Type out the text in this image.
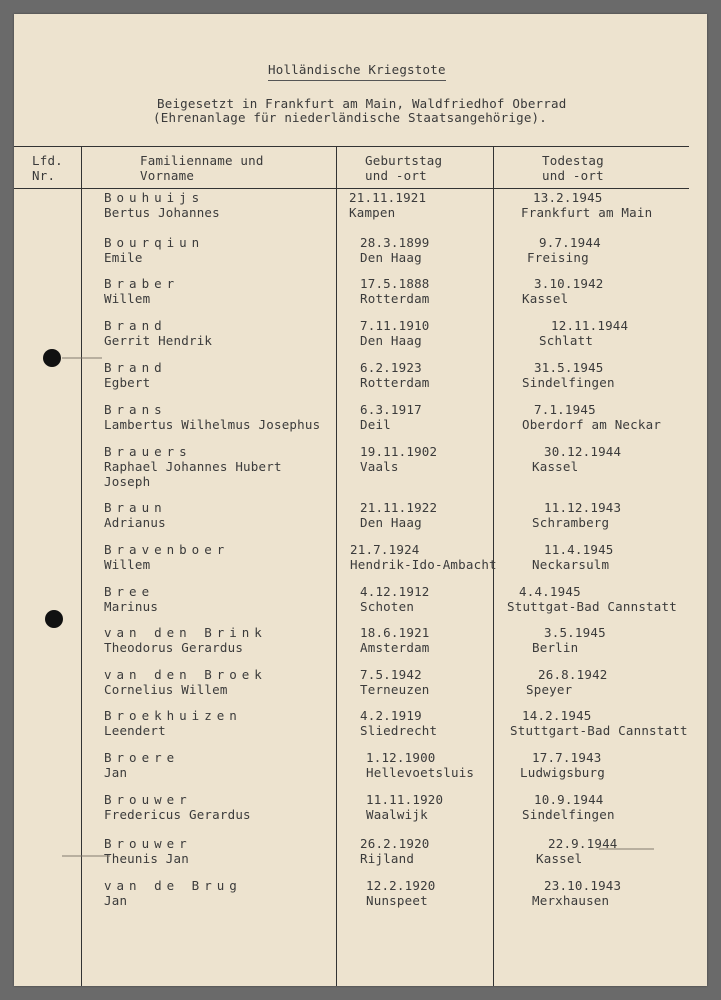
Holländische Kriegstote
Beigesetzt in Frankfurt am Main, Waldfriedhof Oberrad
(Ehrenanlage für niederländische Staatsangehörige).
Lfd.
Nr.
Familienname und
Vorname
Geburtstag
und -ort
Todestag
und -ort
Bouhuijs
Bertus Johannes
21.11.1921
Kampen
13.2.1945
Frankfurt am Main
Bourqiun
Emile
28.3.1899
Den Haag
9.7.1944
Freising
Braber
Willem
17.5.1888
Rotterdam
3.10.1942
Kassel
Brand
Gerrit Hendrik
7.11.1910
Den Haag
12.11.1944
Schlatt
Brand
Egbert
6.2.1923
Rotterdam
31.5.1945
Sindelfingen
Brans
Lambertus Wilhelmus Josephus
6.3.1917
Deil
7.1.1945
Oberdorf am Neckar
Brauers
Raphael Johannes Hubert
Joseph
19.11.1902
Vaals
30.12.1944
Kassel
Braun
Adrianus
21.11.1922
Den Haag
11.12.1943
Schramberg
Bravenboer
Willem
21.7.1924
Hendrik-Ido-Ambacht
11.4.1945
Neckarsulm
Bree
Marinus
4.12.1912
Schoten
4.4.1945
Stuttgat-Bad Cannstatt
van den Brink
Theodorus Gerardus
18.6.1921
Amsterdam
3.5.1945
Berlin
van den Broek
Cornelius Willem
7.5.1942
Terneuzen
26.8.1942
Speyer
Broekhuizen
Leendert
4.2.1919
Sliedrecht
14.2.1945
Stuttgart-Bad Cannstatt
Broere
Jan
1.12.1900
Hellevoetsluis
17.7.1943
Ludwigsburg
Brouwer
Fredericus Gerardus
11.11.1920
Waalwijk
10.9.1944
Sindelfingen
Brouwer
Theunis Jan
26.2.1920
Rijland
22.9.1944
Kassel
van de Brug
Jan
12.2.1920
Nunspeet
23.10.1943
Merxhausen
